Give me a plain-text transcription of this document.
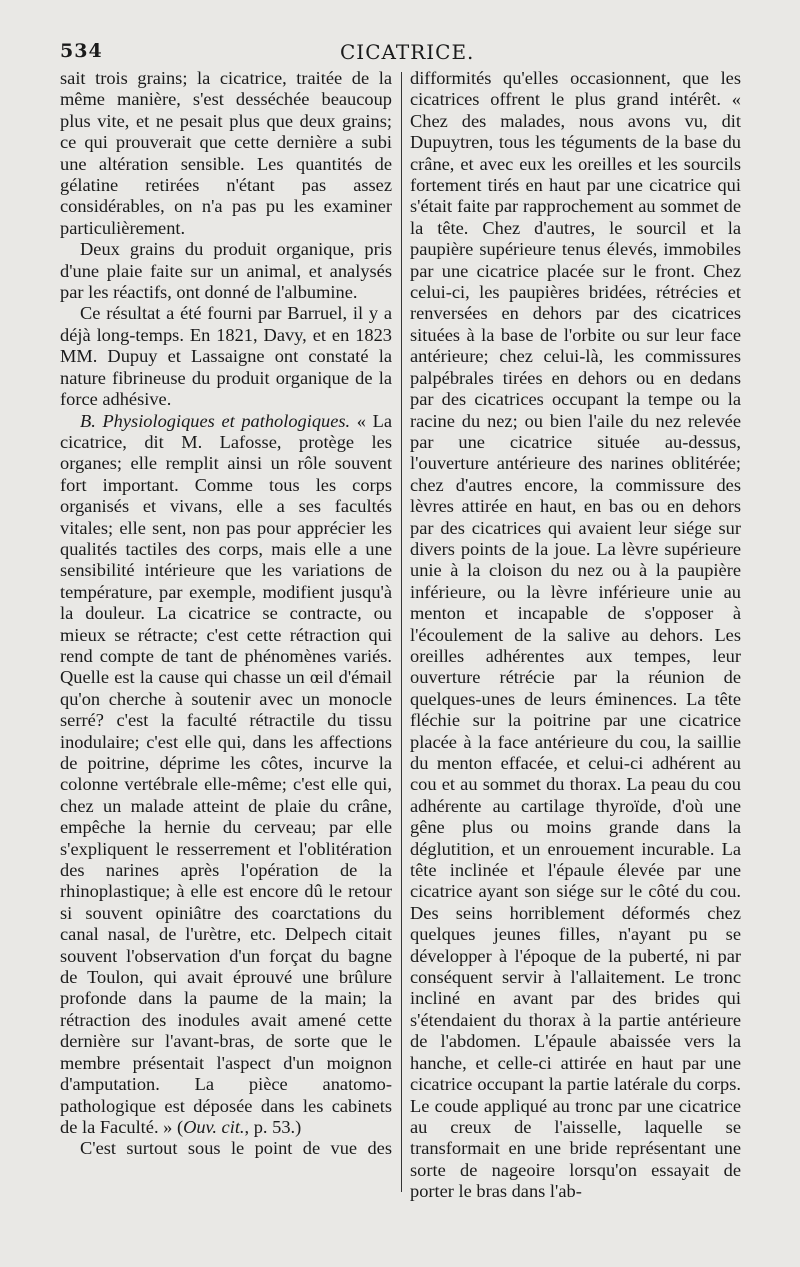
534	CICATRICE.

sait trois grains; la cicatrice, traitée de la même manière, s'est desséchée beaucoup plus vite, et ne pesait plus que deux grains; ce qui prouverait que cette dernière a subi une altération sensible. Les quantités de gélatine retirées n'étant pas assez considérables, on n'a pas pu les examiner particulièrement.

Deux grains du produit organique, pris d'une plaie faite sur un animal, et analysés par les réactifs, ont donné de l'albumine.

Ce résultat a été fourni par Barruel, il y a déjà long-temps. En 1821, Davy, et en 1823 MM. Dupuy et Lassaigne ont constaté la nature fibrineuse du produit organique de la force adhésive.

B. Physiologiques et pathologiques. « La cicatrice, dit M. Lafosse, protège les organes; elle remplit ainsi un rôle souvent fort important. Comme tous les corps organisés et vivans, elle a ses facultés vitales; elle sent, non pas pour apprécier les qualités tactiles des corps, mais elle a une sensibilité intérieure que les variations de température, par exemple, modifient jusqu'à la douleur. La cicatrice se contracte, ou mieux se rétracte; c'est cette rétraction qui rend compte de tant de phénomènes variés. Quelle est la cause qui chasse un œil d'émail qu'on cherche à soutenir avec un monocle serré? c'est la faculté rétractile du tissu inodulaire; c'est elle qui, dans les affections de poitrine, déprime les côtes, incurve la colonne vertébrale elle-même; c'est elle qui, chez un malade atteint de plaie du crâne, empêche la hernie du cerveau; par elle s'expliquent le resserrement et l'oblitération des narines après l'opération de la rhinoplastique; à elle est encore dû le retour si souvent opiniâtre des coarctations du canal nasal, de l'urètre, etc. Delpech citait souvent l'observation d'un forçat du bagne de Toulon, qui avait éprouvé une brûlure profonde dans la paume de la main; la rétraction des inodules avait amené cette dernière sur l'avant-bras, de sorte que le membre présentait l'aspect d'un moignon d'amputation. La pièce anatomo-pathologique est déposée dans les cabinets de la Faculté. » (Ouv. cit., p. 53.)

C'est surtout sous le point de vue des

difformités qu'elles occasionnent, que les cicatrices offrent le plus grand intérêt. « Chez des malades, nous avons vu, dit Dupuytren, tous les téguments de la base du crâne, et avec eux les oreilles et les sourcils fortement tirés en haut par une cicatrice qui s'était faite par rapprochement au sommet de la tête. Chez d'autres, le sourcil et la paupière supérieure tenus élevés, immobiles par une cicatrice placée sur le front. Chez celui-ci, les paupières bridées, rétrécies et renversées en dehors par des cicatrices situées à la base de l'orbite ou sur leur face antérieure; chez celui-là, les commissures palpébrales tirées en dehors ou en dedans par des cicatrices occupant la tempe ou la racine du nez; ou bien l'aile du nez relevée par une cicatrice située au-dessus, l'ouverture antérieure des narines oblitérée; chez d'autres encore, la commissure des lèvres attirée en haut, en bas ou en dehors par des cicatrices qui avaient leur siége sur divers points de la joue. La lèvre supérieure unie à la cloison du nez ou à la paupière inférieure, ou la lèvre inférieure unie au menton et incapable de s'opposer à l'écoulement de la salive au dehors. Les oreilles adhérentes aux tempes, leur ouverture rétrécie par la réunion de quelques-unes de leurs éminences. La tête fléchie sur la poitrine par une cicatrice placée à la face antérieure du cou, la saillie du menton effacée, et celui-ci adhérent au cou et au sommet du thorax. La peau du cou adhérente au cartilage thyroïde, d'où une gêne plus ou moins grande dans la déglutition, et un enrouement incurable. La tête inclinée et l'épaule élevée par une cicatrice ayant son siége sur le côté du cou. Des seins horriblement déformés chez quelques jeunes filles, n'ayant pu se développer à l'époque de la puberté, ni par conséquent servir à l'allaitement. Le tronc incliné en avant par des brides qui s'étendaient du thorax à la partie antérieure de l'abdomen. L'épaule abaissée vers la hanche, et celle-ci attirée en haut par une cicatrice occupant la partie latérale du corps. Le coude appliqué au tronc par une cicatrice au creux de l'aisselle, laquelle se transformait en une bride représentant une sorte de nageoire lorsqu'on essayait de porter le bras dans l'ab-
